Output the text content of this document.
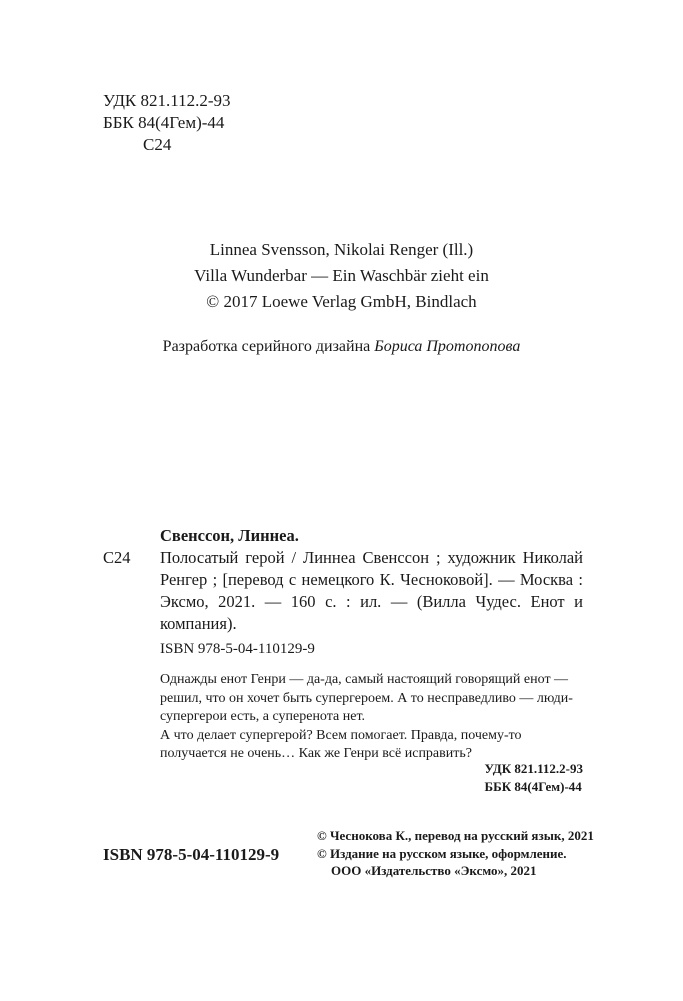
УДК 821.112.2-93
ББК 84(4Гем)-44
С24
Linnea Svensson, Nikolai Renger (Ill.)
Villa Wunderbar — Ein Waschbär zieht ein
© 2017 Loewe Verlag GmbH, Bindlach
Разработка серийного дизайна Бориса Протопопова
Свенссон, Линнеа.
С24	Полосатый герой / Линнеа Свенссон ; художник Николай Ренгер ; [перевод с немецкого К. Чесноковой]. — Москва : Эксмо, 2021. — 160 с. : ил. — (Вилла Чудес. Енот и компания).
ISBN 978-5-04-110129-9

Однажды енот Генри — да-да, самый настоящий говорящий енот — решил, что он хочет быть супергероем. А то несправедливо — люди-супергерои есть, а суперенота нет.

А что делает супергерой? Всем помогает. Правда, почему-то получается не очень… Как же Генри всё исправить?

УДК 821.112.2-93
ББК 84(4Гем)-44
ISBN 978-5-04-110129-9
© Чеснокова К., перевод на русский язык, 2021
© Издание на русском языке, оформление.
ООО «Издательство «Эксмо», 2021
